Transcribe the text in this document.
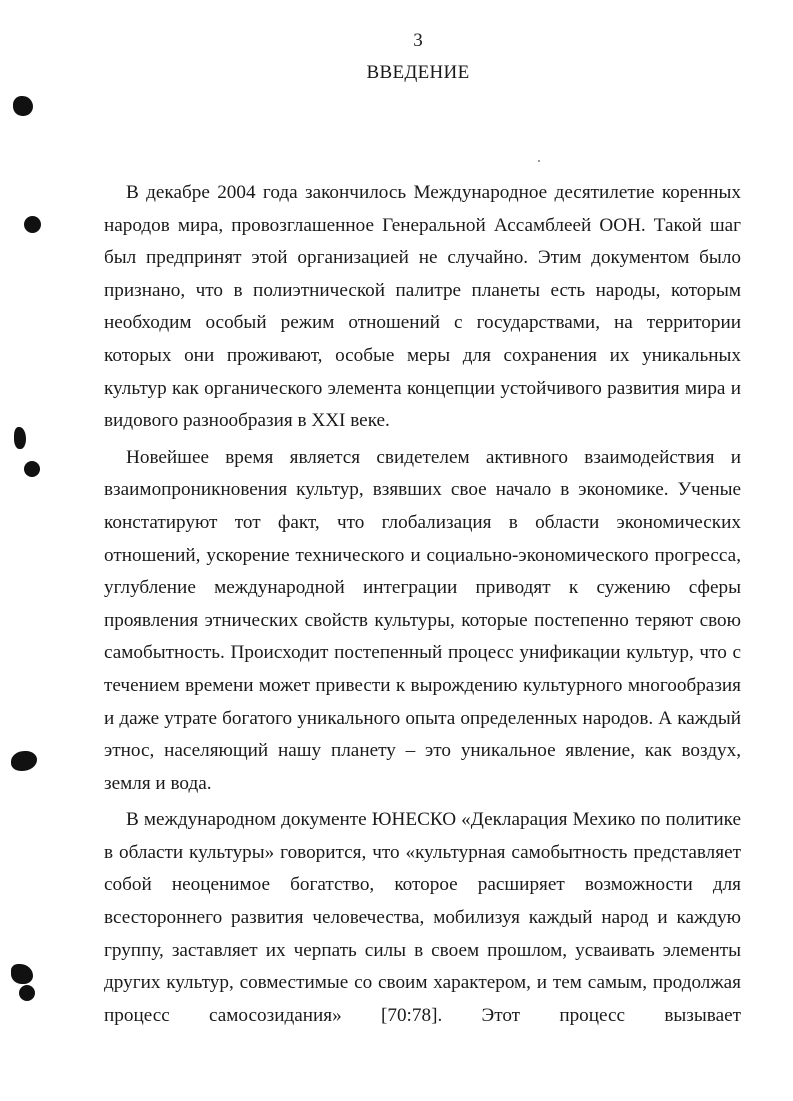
3
ВВЕДЕНИЕ

В декабре 2004 года закончилось Международное десятилетие коренных народов мира, провозглашенное Генеральной Ассамблеей ООН. Такой шаг был предпринят этой организацией не случайно. Этим документом было признано, что в полиэтнической палитре планеты есть народы, которым необходим особый режим отношений с государствами, на территории которых они проживают, особые меры для сохранения их уникальных культур как органического элемента концепции устойчивого развития мира и видового разнообразия в XXI веке.

Новейшее время является свидетелем активного взаимодействия и взаимопроникновения культур, взявших свое начало в экономике. Ученые констатируют тот факт, что глобализация в области экономических отношений, ускорение технического и социально-экономического прогресса, углубление международной интеграции приводят к сужению сферы проявления этнических свойств культуры, которые постепенно теряют свою самобытность. Происходит постепенный процесс унификации культур, что с течением времени может привести к вырождению культурного многообразия и даже утрате богатого уникального опыта определенных народов. А каждый этнос, населяющий нашу планету – это уникальное явление, как воздух, земля и вода.

В международном документе ЮНЕСКО «Декларация Мехико по политике в области культуры» говорится, что «культурная самобытность представляет собой неоценимое богатство, которое расширяет возможности для всестороннего развития человечества, мобилизуя каждый народ и каждую группу, заставляет их черпать силы в своем прошлом, усваивать элементы других культур, совместимые со своим характером, и тем самым, продолжая процесс самосозидания» [70:78]. Этот процесс вызывает
